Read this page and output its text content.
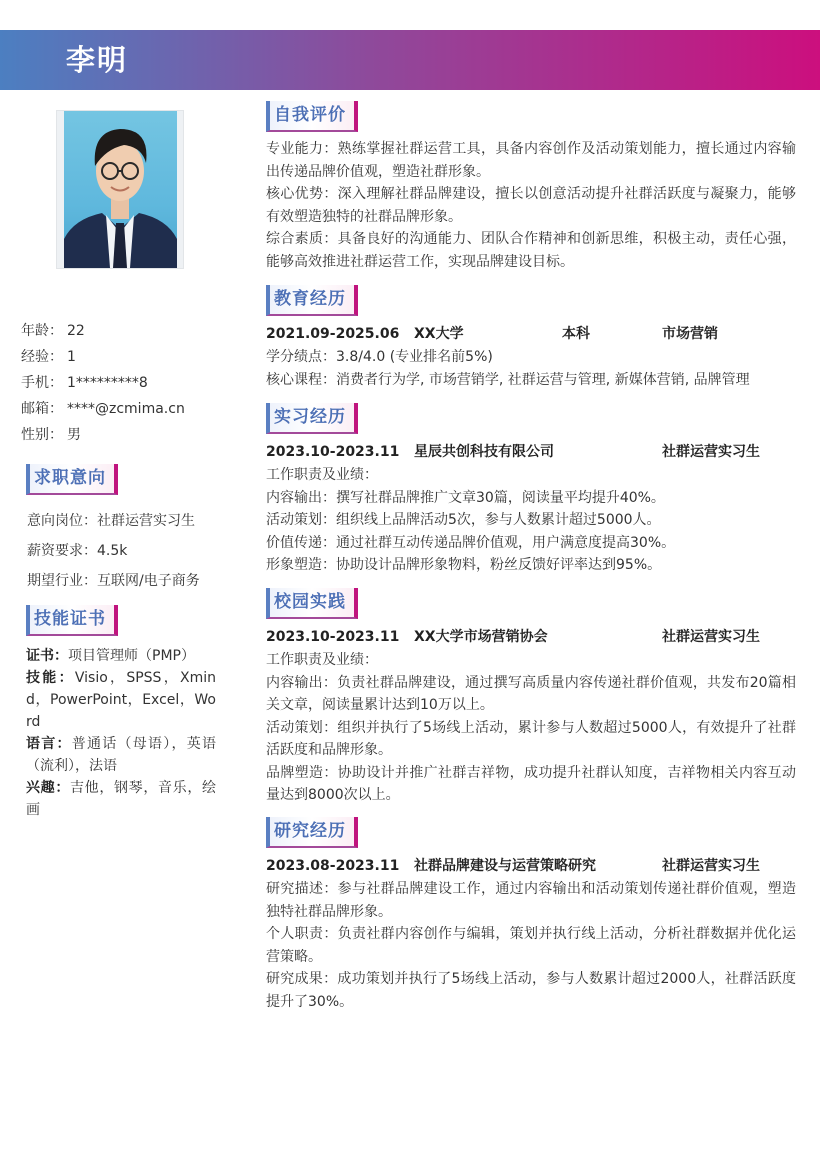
李明
年龄： 22
经验： 1
手机： 1*********8
邮箱： ****@zcmima.cn
性别： 男
求职意向
意向岗位：社群运营实习生
薪资要求：4.5k
期望行业：互联网/电子商务
技能证书
证书：项目管理师（PMP）
技能：Visio，SPSS，Xmind，PowerPoint，Excel，Word
语言：普通话（母语），英语（流利），法语
兴趣：吉他，钢琴，音乐，绘画
自我评价
专业能力：熟练掌握社群运营工具，具备内容创作及活动策划能力，擅长通过内容输出传递品牌价值观，塑造社群形象。
核心优势：深入理解社群品牌建设，擅长以创意活动提升社群活跃度与凝聚力，能够有效塑造独特的社群品牌形象。
综合素质：具备良好的沟通能力、团队合作精神和创新思维，积极主动，责任心强，能够高效推进社群运营工作，实现品牌建设目标。
教育经历
2021.09-2025.06 XX大学	本科	市场营销
学分绩点：3.8/4.0 (专业排名前5%)
核心课程：消费者行为学, 市场营销学, 社群运营与管理, 新媒体营销, 品牌管理
实习经历
2023.10-2023.11 星辰共创科技有限公司	社群运营实习生
工作职责及业绩：
内容输出：撰写社群品牌推广文章30篇，阅读量平均提升40%。
活动策划：组织线上品牌活动5次，参与人数累计超过5000人。
价值传递：通过社群互动传递品牌价值观，用户满意度提高30%。
形象塑造：协助设计品牌形象物料，粉丝反馈好评率达到95%。
校园实践
2023.10-2023.11 XX大学市场营销协会	社群运营实习生
工作职责及业绩：
内容输出：负责社群品牌建设，通过撰写高质量内容传递社群价值观，共发布20篇相关文章，阅读量累计达到10万以上。
活动策划：组织并执行了5场线上活动，累计参与人数超过5000人，有效提升了社群活跃度和品牌形象。
品牌塑造：协助设计并推广社群吉祥物，成功提升社群认知度，吉祥物相关内容互动量达到8000次以上。
研究经历
2023.08-2023.11 社群品牌建设与运营策略研究	社群运营实习生
研究描述：参与社群品牌建设工作，通过内容输出和活动策划传递社群价值观，塑造独特社群品牌形象。
个人职责：负责社群内容创作与编辑，策划并执行线上活动，分析社群数据并优化运营策略。
研究成果：成功策划并执行了5场线上活动，参与人数累计超过2000人，社群活跃度提升了30%。
